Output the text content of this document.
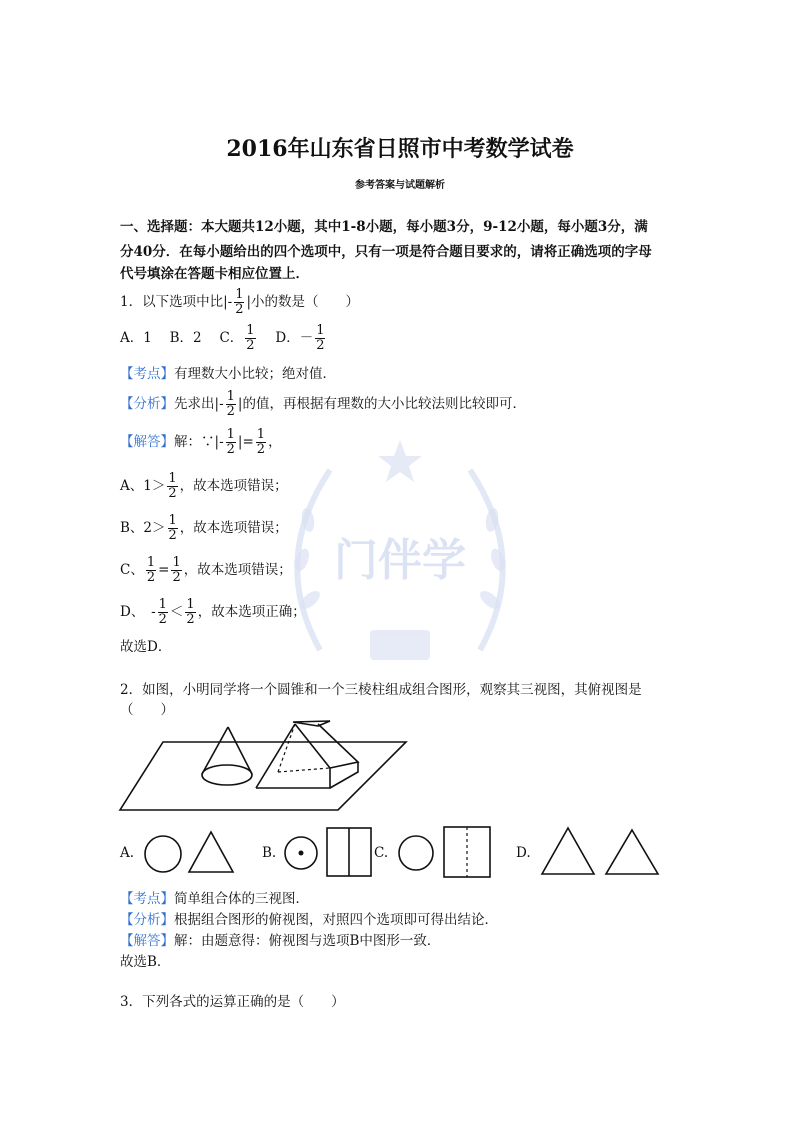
门伴学
2016年山东省日照市中考数学试卷
参考答案与试题解析
一、选择题：本大题共12小题，其中1-8小题，每小题3分，9-12小题，每小题3分，满
分40分．在每小题给出的四个选项中，只有一项是符合题目要求的，请将正确选项的字母
代号填涂在答题卡相应位置上．
1．以下选项中比|- $\frac{1}{2}$ |小的数是（　　）
A．1　 B．2　 C． $\frac{1}{2}$
　 D．－ $\frac{1}{2}$
【考点】有理数大小比较；绝对值．
【分析】先求出|- $\frac{1}{2}$ |的值，再根据有理数的大小比较法则比较即可．
【解答】解：∵|- $\frac{1}{2}$ |= $\frac{1}{2}$ ，
A、$1> \frac{1}{2}$ ，故本选项错误；
B、$2> \frac{1}{2}$ ，故本选项错误；
C、 $\frac{1}{2} = \frac{1}{2}$ ，故本选项错误；
D、  - $\frac{1}{2} < \frac{1}{2}$ ，故本选项正确；
故选D．
2．如图，小明同学将一个圆锥和一个三棱柱组成组合图形，观察其三视图，其俯视图是
（　　）
A.	B.	C.	D.
【考点】简单组合体的三视图．
【分析】根据组合图形的俯视图，对照四个选项即可得出结论．
【解答】解：由题意得：俯视图与选项B中图形一致．
故选B．
3．下列各式的运算正确的是（　　）
